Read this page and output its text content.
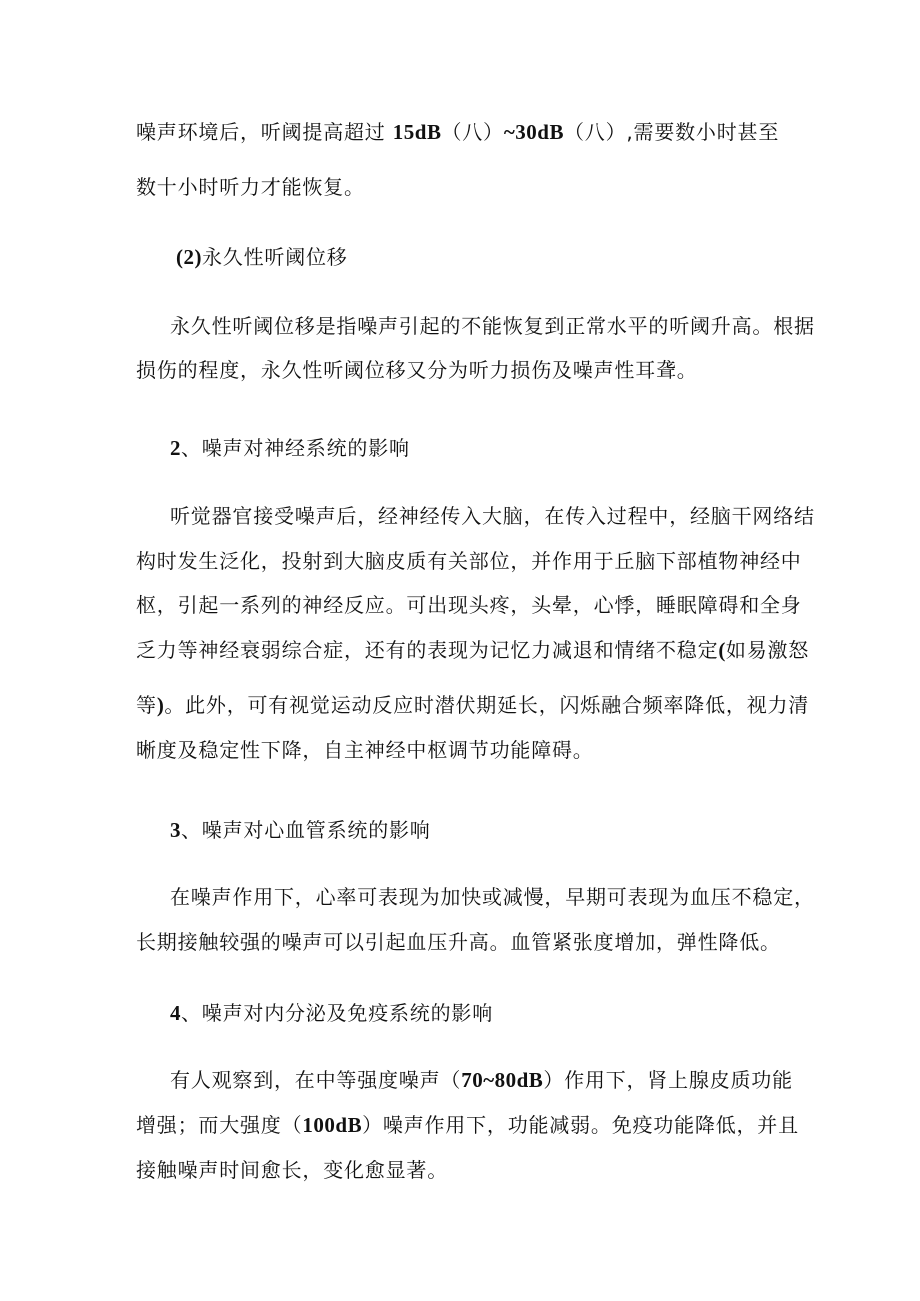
噪声环境后，听阈提高超过 15dB（八）~30dB（八）,需要数小时甚至
数十小时听力才能恢复。
(2)永久性听阈位移
永久性听阈位移是指噪声引起的不能恢复到正常水平的听阈升高。根据
损伤的程度，永久性听阈位移又分为听力损伤及噪声性耳聋。
2、噪声对神经系统的影响
听觉器官接受噪声后，经神经传入大脑，在传入过程中，经脑干网络结
构时发生泛化，投射到大脑皮质有关部位，并作用于丘脑下部植物神经中
枢，引起一系列的神经反应。可出现头疼，头晕，心悸，睡眠障碍和全身
乏力等神经衰弱综合症，还有的表现为记忆力减退和情绪不稳定(如易激怒
等)。此外，可有视觉运动反应时潜伏期延长，闪烁融合频率降低，视力清
晰度及稳定性下降，自主神经中枢调节功能障碍。
3、噪声对心血管系统的影响
在噪声作用下，心率可表现为加快或减慢，早期可表现为血压不稳定，
长期接触较强的噪声可以引起血压升高。血管紧张度增加，弹性降低。
4、噪声对内分泌及免疫系统的影响
有人观察到，在中等强度噪声（70~80dB）作用下，肾上腺皮质功能
增强；而大强度（100dB）噪声作用下，功能减弱。免疫功能降低，并且
接触噪声时间愈长，变化愈显著。
